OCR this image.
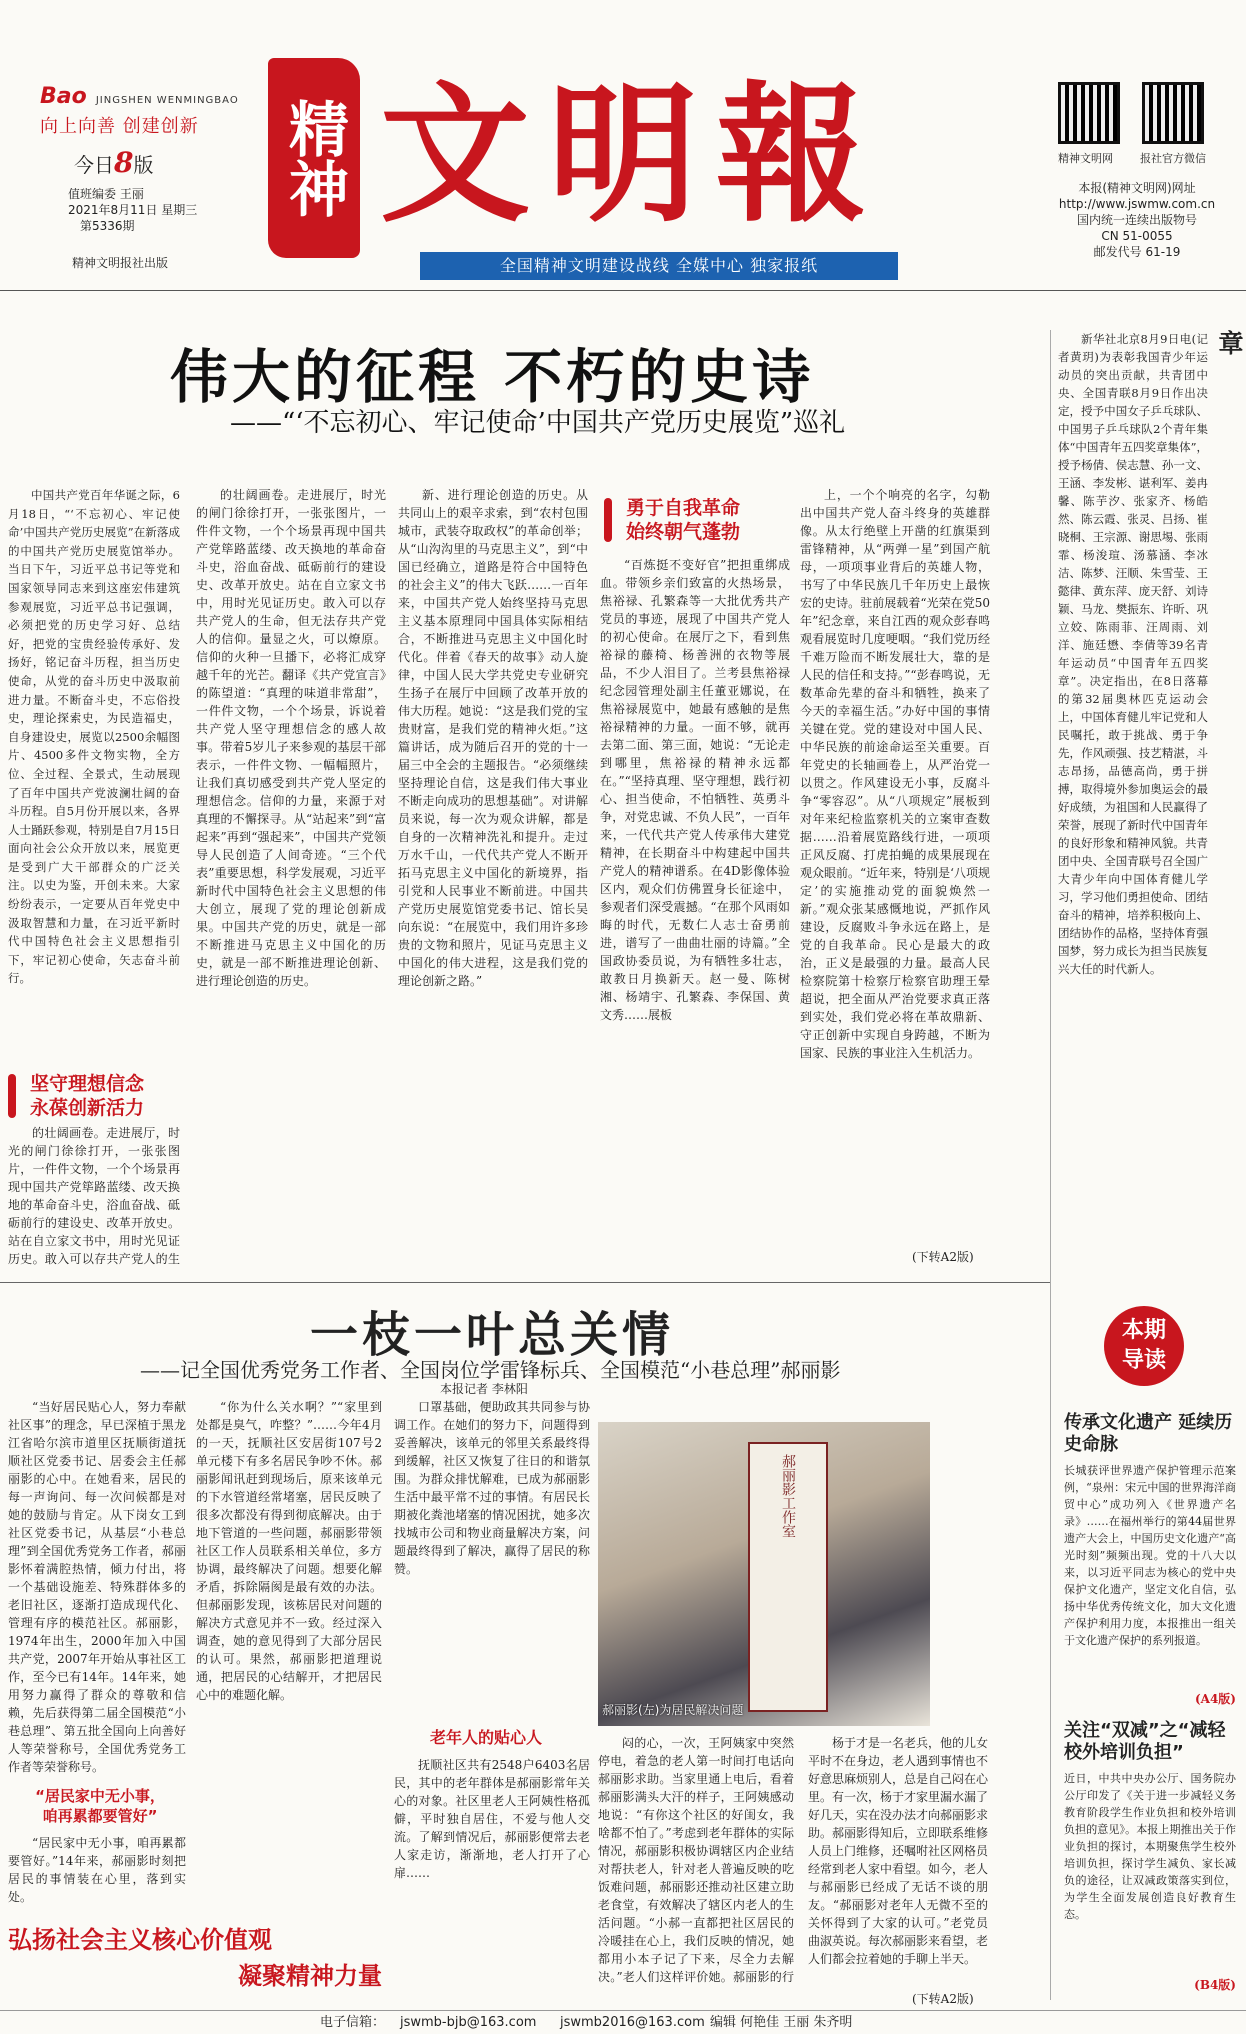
Bao JINGSHEN WENMINGBAO
向上向善 创建创新
今日8版
值班编委 王丽
2021年8月11日 星期三
第5336期
精神文明报社出版
精神 文明報
全国精神文明建设战线 全媒中心 独家报纸
精神文明网 报社官方微信
本报(精神文明网)网址
http://www.jswmw.com.cn
国内统一连续出版物号
CN 51-0055
邮发代号 61-19
伟大的征程 不朽的史诗
——“‘不忘初心、牢记使命’中国共产党历史展览”巡礼

中国共产党百年华诞之际，6月18日，“‘不忘初心、牢记使命’中国共产党历史展览”在新落成的中国共产党历史展览馆举办。当日下午，习近平总书记等党和国家领导同志来到这座宏伟建筑参观展览，习近平总书记强调，必须把党的历史学习好、总结好，把党的宝贵经验传承好、发扬好，铭记奋斗历程，担当历史使命，从党的奋斗历史中汲取前进力量。不断奋斗史，不忘俗投史，理论探索史，为民造福史，自身建设史，展览以2500余幅图片、4500多件文物实物，全方位、全过程、全景式，生动展现了百年中国共产党波澜壮阔的奋斗历程。自5月份开展以来，各界人士踊跃参观，特别是自7月15日面向社会公众开放以来，展览更是受到广大干部群众的广泛关注。以史为鉴，开创未来。大家纷纷表示，一定要从百年党史中汲取智慧和力量，在习近平新时代中国特色社会主义思想指引下，牢记初心使命，矢志奋斗前行。

坚守理想信念
永葆创新活力

的壮阔画卷。走进展厅，时光的闸门徐徐打开，一张张图片，一件件文物，一个个场景再现中国共产党筚路蓝缕、改天换地的革命奋斗史，浴血奋战、砥砺前行的建设史、改革开放史。站在自立家文书中，用时光见证历史。敢入可以存共产党人的生

的壮阔画卷。走进展厅，时光的闸门徐徐打开，一张张图片，一件件文物，一个个场景再现中国共产党筚路蓝缕、改天换地的革命奋斗史，浴血奋战、砥砺前行的建设史、改革开放史。站在自立家文书中，用时光见证历史。敢入可以存共产党人的生命，但无法存共产党人的信仰。量显之火，可以燎原。信仰的火种一旦播下，必将汇成穿越千年的光芒。翻译《共产党宣言》的陈望道：“真理的味道非常甜”，一件件文物，一个个场景，诉说着共产党人坚守理想信念的感人故事。带着5岁儿子来参观的基层干部表示，一件件文物、一幅幅照片，让我们真切感受到共产党人坚定的理想信念。信仰的力量，来源于对真理的不懈探寻。从“站起来”到“富起来”再到“强起来”，中国共产党领导人民创造了人间奇迹。“三个代表”重要思想，科学发展观，习近平新时代中国特色社会主义思想的伟大创立，展现了党的理论创新成果。中国共产党的历史，就是一部不断推进马克思主义中国化的历史，就是一部不断推进理论创新、进行理论创造的历史。

新、进行理论创造的历史。从共同山上的艰辛求索，到“农村包围城市，武装夺取政权”的革命创举；从“山沟沟里的马克思主义”，到“中国已经确立，道路是符合中国特色的社会主义”的伟大飞跃……一百年来，中国共产党人始终坚持马克思主义基本原理同中国具体实际相结合，不断推进马克思主义中国化时代化。伴着《春天的故事》动人旋律，中国人民大学共党史专业研究生扬子在展厅中回顾了改革开放的伟大历程。她说：“这是我们党的宝贵财富，是我们党的精神火炬。”这篇讲话，成为随后召开的党的十一届三中全会的主题报告。“必须继续坚持理论自信，这是我们伟大事业不断走向成功的思想基础”。对讲解员来说，每一次为观众讲解，都是自身的一次精神洗礼和提升。走过万水千山，一代代共产党人不断开拓马克思主义中国化的新境界，指引党和人民事业不断前进。中国共产党历史展览馆党委书记、馆长吴向东说：“在展览中，我们用许多珍贵的文物和照片，见证马克思主义中国化的伟大进程，这是我们党的理论创新之路。”

勇于自我革命
始终朝气蓬勃

“百炼挺不变好官”把担重绑成血。带领乡亲们致富的火热场景，焦裕禄、孔繁森等一大批优秀共产党员的事迹，展现了中国共产党人的初心使命。在展厅之下，看到焦裕禄的藤椅、杨善洲的衣物等展品，不少人泪目了。兰考县焦裕禄纪念园管理处副主任董亚娜说，在焦裕禄展览中，她最有感触的是焦裕禄精神的力量。一面不够，就再去第二面、第三面，她说：“无论走到哪里，焦裕禄的精神永远都在。”“坚持真理、坚守理想，践行初心、担当使命，不怕牺牲、英勇斗争，对党忠诚、不负人民”，一百年来，一代代共产党人传承伟大建党精神，在长期奋斗中构建起中国共产党人的精神谱系。在4D影像体验区内，观众们仿佛置身长征途中，参观者们深受震撼。“在那个风雨如晦的时代，无数仁人志士奋勇前进，谱写了一曲曲壮丽的诗篇。”全国政协委员说，为有牺牲多壮志，敢教日月换新天。赵一曼、陈树湘、杨靖宇、孔繁森、李保国、黄文秀……展板

上，一个个响亮的名字，勾勒出中国共产党人奋斗终身的英雄群像。从太行绝壁上开凿的红旗渠到雷锋精神，从“两弹一星”到国产航母，一项项事业背后的英雄人物，书写了中华民族几千年历史上最恢宏的史诗。驻前展载着“光荣在党50年”纪念章，来自江西的观众彭春鸣观看展览时几度哽咽。“我们党历经千难万险而不断发展壮大，靠的是人民的信任和支持。”“彭春鸣说，无数革命先辈的奋斗和牺牲，换来了今天的幸福生活。”办好中国的事情关键在党。党的建设对中国人民、中华民族的前途命运至关重要。百年党史的长轴画卷上，从严治党一以贯之。作风建设无小事，反腐斗争“零容忍”。从“八项规定”展板到对年来纪检监察机关的立案审查数据……沿着展览路线行进，一项项正风反腐、打虎拍蝇的成果展现在观众眼前。“近年来，特别是‘八项规定’的实施推动党的面貌焕然一新。”观众张某感慨地说，严抓作风建设，反腐败斗争永远在路上，是党的自我革命。民心是最大的政治，正义是最强的力量。最高人民检察院第十检察厅检察官助理王晕超说，把全面从严治党要求真正落到实处，我们党必将在革故鼎新、守正创新中实现自身跨越，不断为国家、民族的事业注入生机活力。

(下转A2版)
章

新华社北京8月9日电(记者黄玥)为表彰我国青少年运动员的突出贡献，共青团中央、全国青联8月9日作出决定，授予中国女子乒乓球队、中国男子乒乓球队2个青年集体“中国青年五四奖章集体”，授予杨倩、侯志慧、孙一文、王涵、李发彬、谌利军、姜冉馨、陈芋汐、张家齐、杨皓然、陈云霞、张灵、吕扬、崔晓桐、王宗源、谢思埸、张雨霏、杨浚瑄、汤慕涵、李冰洁、陈梦、汪顺、朱雪莹、王懿律、黄东萍、庞天舒、刘诗颖、马龙、樊振东、许昕、巩立姣、陈雨菲、汪周雨、刘洋、施廷懋、李倩等39名青年运动员“中国青年五四奖章”。决定指出，在8日落幕的第32届奥林匹克运动会上，中国体育健儿牢记党和人民嘱托，敢于挑战、勇于争先，作风顽强、技艺精湛，斗志昂扬，品德高尚，勇于拼搏，取得境外参加奥运会的最好成绩，为祖国和人民赢得了荣誉，展现了新时代中国青年的良好形象和精神风貌。共青团中央、全国青联号召全国广大青少年向中国体育健儿学习，学习他们勇担使命、团结奋斗的精神，培养积极向上、团结协作的品格，坚持体育强国梦，努力成长为担当民族复兴大任的时代新人。

一枝一叶总关情
——记全国优秀党务工作者、全国岗位学雷锋标兵、全国模范“小巷总理”郝丽影
本报记者 李林阳

“当好居民贴心人，努力奉献社区事”的理念，早已深植于黑龙江省哈尔滨市道里区抚顺街道抚顺社区党委书记、居委会主任郝丽影的心中。在她看来，居民的每一声询问、每一次问候都是对她的鼓励与肯定。从下岗女工到社区党委书记，从基层“小巷总理”到全国优秀党务工作者，郝丽影怀着满腔热情，倾力付出，将一个基础设施差、特殊群体多的老旧社区，逐渐打造成现代化、管理有序的模范社区。郝丽影，1974年出生，2000年加入中国共产党，2007年开始从事社区工作，至今已有14年。14年来，她用努力赢得了群众的尊敬和信赖，先后获得第二届全国模范“小巷总理”、第五批全国向上向善好人等荣誉称号，全国优秀党务工作者等荣誉称号。

“居民家中无小事，
咱再累都要管好”

“居民家中无小事，咱再累都要管好。”14年来，郝丽影时刻把居民的事情装在心里，落到实处。

“你为什么关水啊？”“家里到处都是臭气，咋整？”……今年4月的一天，抚顺社区安居街107号2单元楼下有多名居民争吵不休。郝丽影闻讯赶到现场后，原来该单元的下水管道经常堵塞，居民反映了很多次都没有得到彻底解决。由于地下管道的一些问题，郝丽影带领社区工作人员联系相关单位，多方协调，最终解决了问题。想要化解矛盾，拆除隔阂是最有效的办法。但郝丽影发现，该栋居民对问题的解决方式意见并不一致。经过深入调查，她的意见得到了大部分居民的认可。果然，郝丽影把道理说通，把居民的心结解开，才把居民心中的难题化解。

口罩基础，便助政其共同参与协调工作。在她们的努力下，问题得到妥善解决，该单元的邻里关系最终得到缓解，社区又恢复了往日的和谐氛围。为群众排忧解难，已成为郝丽影生活中最平常不过的事情。有居民长期被化粪池堵塞的情况困扰，她多次找城市公司和物业商量解决方案，问题最终得到了解决，赢得了居民的称赞。

老年人的贴心人

抚顺社区共有2548户6403名居民，其中的老年群体是郝丽影常年关心的对象。社区里老人王阿姨性格孤僻，平时独自居住，不爱与他人交流。了解到情况后，郝丽影便常去老人家走访，渐渐地，老人打开了心扉……

郝丽影工作室
郝丽影(左)为居民解决问题

闷的心，一次，王阿姨家中突然停电，着急的老人第一时间打电话向郝丽影求助。当家里通上电后，看着郝丽影满头大汗的样子，王阿姨感动地说：“有你这个社区的好闺女，我啥都不怕了。”考虑到老年群体的实际情况，郝丽影积极协调辖区内企业结对帮扶老人，针对老人普遍反映的吃饭难问题，郝丽影还推动社区建立助老食堂，有效解决了辖区内老人的生活问题。“小郝一直都把社区居民的冷暖挂在心上，我们反映的情况，她都用小本子记了下来，尽全力去解决。”老人们这样评价她。郝丽影的行

杨于才是一名老兵，他的儿女平时不在身边，老人遇到事情也不好意思麻烦别人，总是自己闷在心里。有一次，杨于才家里漏水漏了好几天，实在没办法才向郝丽影求助。郝丽影得知后，立即联系维修人员上门维修，还嘱咐社区网格员经常到老人家中看望。如今，老人与郝丽影已经成了无话不谈的朋友。“郝丽影对老年人无微不至的关怀得到了大家的认可。”老党员曲淑英说。每次郝丽影来看望，老人们都会拉着她的手聊上半天。

(下转A2版)
本期导读
传承文化遗产 延续历史命脉
长城获评世界遗产保护管理示范案例，“泉州：宋元中国的世界海洋商贸中心”成功列入《世界遗产名录》……在福州举行的第44届世界遗产大会上，中国历史文化遗产“高光时刻”频频出现。党的十八大以来，以习近平同志为核心的党中央保护文化遗产，坚定文化自信，弘扬中华优秀传统文化，加大文化遗产保护利用力度，本报推出一组关于文化遗产保护的系列报道。
(A4版)
关注“双减”之“减轻校外培训负担”
近日，中共中央办公厅、国务院办公厅印发了《关于进一步减轻义务教育阶段学生作业负担和校外培训负担的意见》。本报上期推出关于作业负担的探讨，本期聚焦学生校外培训负担，探讨学生减负、家长减负的途径，让双减政策落实到位，为学生全面发展创造良好教育生态。
(B4版)
弘扬社会主义核心价值观
凝聚精神力量
电子信箱： jswmb-bjb@163.com jswmb2016@163.com 编辑 何艳佳 王丽 朱齐明
